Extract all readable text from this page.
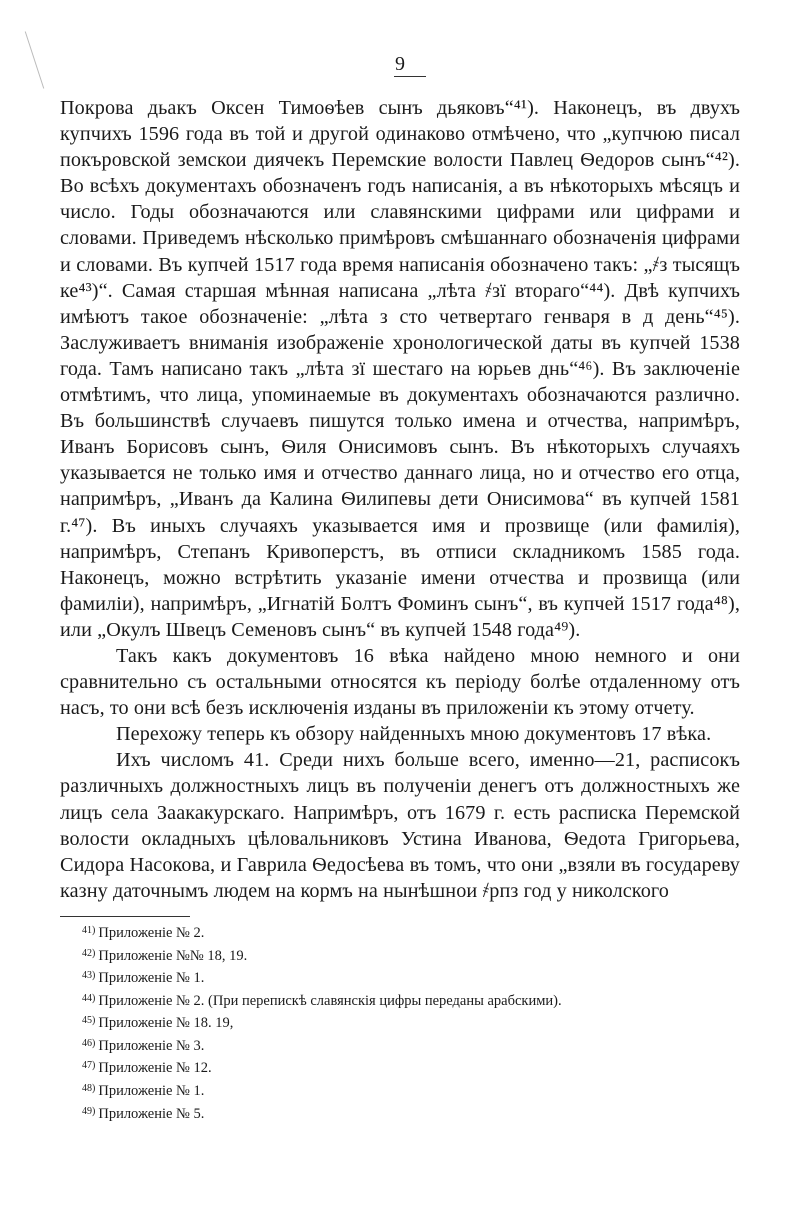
9

Покрова дьакъ Оксен Тимоѳѣев сынъ дьяковъ“⁴¹). Наконецъ, въ двухъ купчихъ 1596 года въ той и другой одинаково отмѣчено, что „купчюю писал покъровской земскои диячекъ Перемские волости Павлец Ѳедоров сынъ“⁴²). Во всѣхъ документахъ обозначенъ годъ написанія, а въ нѣкоторыхъ мѣсяцъ и число. Годы обозначаются или славянскими цифрами или цифрами и словами. Приведемъ нѣсколько примѣровъ смѣшаннаго обозначенія цифрами и словами. Въ купчей 1517 года время написанія обозначено такъ: „҂з тысящъ ке⁴³)“. Самая старшая мѣнная написана „лѣта ҂зї втораго“⁴⁴). Двѣ купчихъ имѣютъ такое обозначеніе: „лѣта з сто четвертаго генваря в д день“⁴⁵). Заслуживаетъ вниманія изображеніе хронологической даты въ купчей 1538 года. Тамъ написано такъ „лѣта зї шестаго на юрьев днь“⁴⁶). Въ заключеніе отмѣтимъ, что лица, упоминаемые въ документахъ обозначаются различно. Въ большинствѣ случаевъ пишутся только имена и отчества, напримѣръ, Иванъ Борисовъ сынъ, Ѳиля Онисимовъ сынъ. Въ нѣкоторыхъ случаяхъ указывается не только имя и отчество даннаго лица, но и отчество его отца, напримѣръ, „Иванъ да Калина Ѳилипевы дети Онисимова“ въ купчей 1581 г.⁴⁷). Въ иныхъ случаяхъ указывается имя и прозвище (или фамилія), напримѣръ, Степанъ Кривоперстъ, въ отписи складникомъ 1585 года. Наконецъ, можно встрѣтить указаніе имени отчества и прозвища (или фамиліи), напримѣръ, „Игнатій Болтъ Фоминъ сынъ“, въ купчей 1517 года⁴⁸), или „Окулъ Швецъ Семеновъ сынъ“ въ купчей 1548 года⁴⁹).

Такъ какъ документовъ 16 вѣка найдено мною немного и они сравнительно съ остальными относятся къ періоду болѣе отдаленному отъ насъ, то они всѣ безъ исключенія изданы въ приложеніи къ этому отчету.

Перехожу теперь къ обзору найденныхъ мною документовъ 17 вѣка.

Ихъ числомъ 41. Среди нихъ больше всего, именно—21, расписокъ различныхъ должностныхъ лицъ въ полученіи денегъ отъ должностныхъ же лицъ села Заакакурскаго. Напримѣръ, отъ 1679 г. есть расписка Перемской волости окладныхъ цѣловальниковъ Устина Иванова, Ѳедота Григорьева, Сидора Насокова, и Гаврила Ѳедосѣева въ томъ, что они „взяли въ государеву казну даточнымъ людем на кормъ на нынѣшнои ҂рпз год у николского

$^{41)}$ Приложеніе № 2.
$^{42)}$ Приложеніе №№ 18, 19.
$^{43)}$ Приложеніе № 1.
$^{44)}$ Приложеніе № 2. (При перепискѣ славянскія цифры переданы арабскими).
$^{45)}$ Приложеніе № 18. 19,
$^{46)}$ Приложеніе № 3.
$^{47)}$ Приложеніе № 12.
$^{48)}$ Приложеніе № 1.
$^{49)}$ Приложеніе № 5.
